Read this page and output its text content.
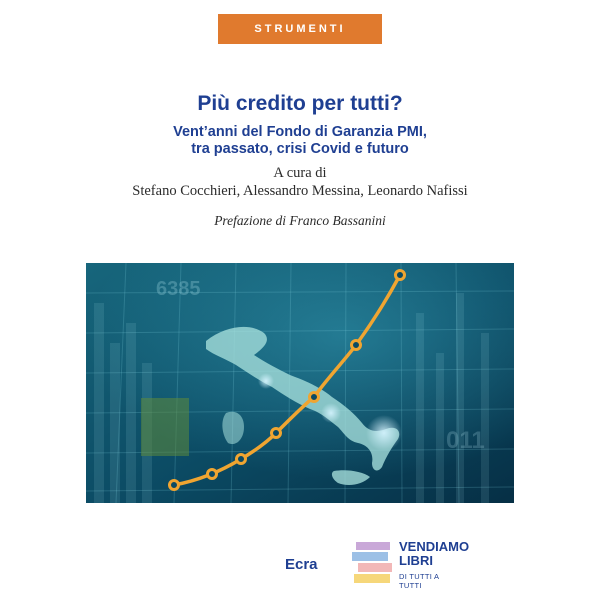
STRUMENTI
Più credito per tutti?
Vent’anni del Fondo di Garanzia PMI,
tra passato, crisi Covid e futuro
A cura di
Stefano Cocchieri, Alessandro Messina, Leonardo Nafissi
Prefazione di Franco Bassanini
6385
011
Ecra
VENDIAMO
LIBRI
DI TUTTI A TUTTI
